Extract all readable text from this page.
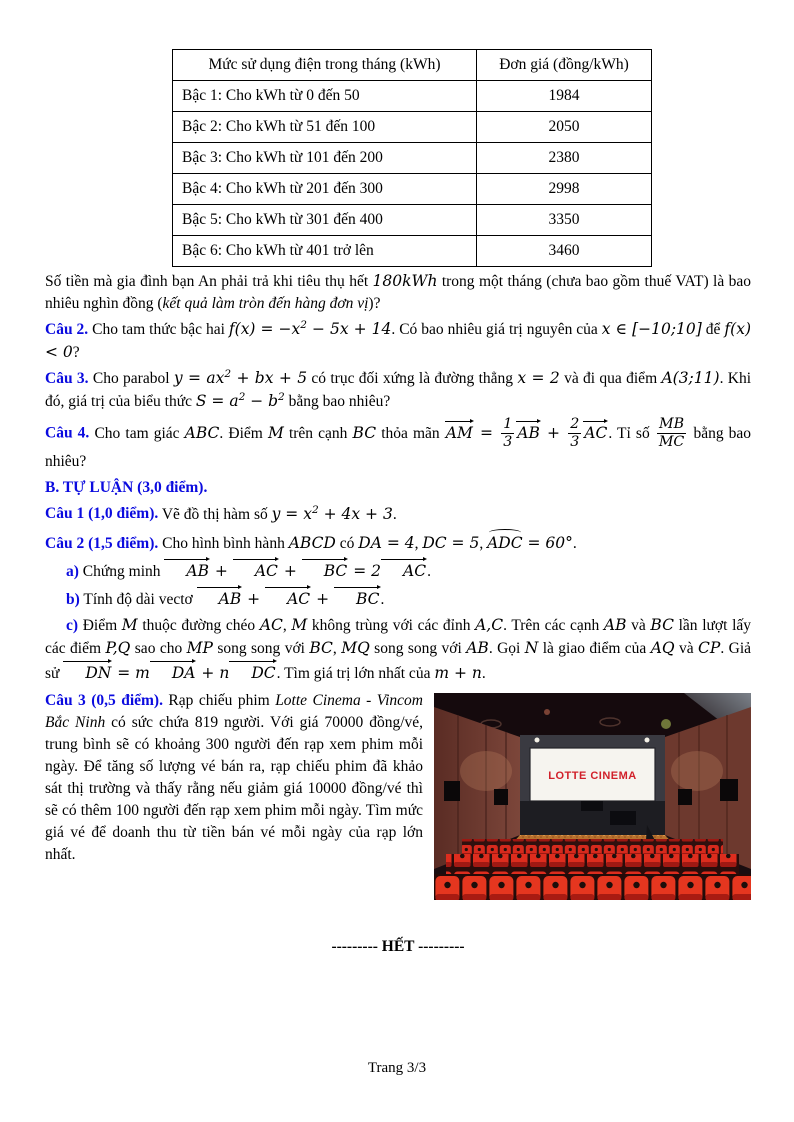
Mức sử dụng điện trong tháng (kWh)	Đơn giá (đồng/kWh)
Bậc 1: Cho kWh từ 0 đến 50	1984
Bậc 2: Cho kWh từ 51 đến 100	2050
Bậc 3: Cho kWh từ 101 đến 200	2380
Bậc 4: Cho kWh từ 201 đến 300	2998
Bậc 5: Cho kWh từ 301 đến 400	3350
Bậc 6: Cho kWh từ 401 trở lên	3460

Số tiền mà gia đình bạn An phải trả khi tiêu thụ hết 180kWh trong một tháng (chưa bao gồm thuế VAT) là bao nhiêu nghìn đồng (kết quả làm tròn đến hàng đơn vị)?

Câu 2. Cho tam thức bậc hai $f(x) = -x^2 - 5x + 14$. Có bao nhiêu giá trị nguyên của x ∈ [−10;10] để f(x) < 0?

Câu 3. Cho parabol $y = ax^2$ + bx + 5 có trục đối xứng là đường thẳng x = 2 và đi qua điểm A(3;11). Khi đó, giá trị của biểu thức $S = a^2 - b^2$ bằng bao nhiêu?

Câu 4. Cho tam giác ABC. Điểm M trên cạnh BC thỏa mãn AM = $\frac{1}{3}$ AB + $\frac{2}{3}$ AC. Tỉ số $\frac{MB}{MC}$ bằng bao nhiêu?

B. TỰ LUẬN (3,0 điểm).

Câu 1 (1,0 điểm). Vẽ đồ thị hàm số $y = x^2 + 4x + 3$.

Câu 2 (1,5 điểm). Cho hình bình hành ABCD có DA = 4, DC = 5, ADC = 60°.

a) Chứng minh AB + AC + BC = 2 AC.

b) Tính độ dài vectơ AB + AC + BC.

c) Điểm M thuộc đường chéo AC, M không trùng với các đỉnh A,C. Trên các cạnh AB và BC lần lượt lấy các điểm P,Q sao cho MP song song với BC, MQ song song với AB. Gọi N là giao điểm của AQ và CP. Giả sử DN = m DA + n DC. Tìm giá trị lớn nhất của m + n.

LOTTE CINEMA

Câu 3 (0,5 điểm). Rạp chiếu phim Lotte Cinema - Vincom Bắc Ninh có sức chứa 819 người. Với giá 70000 đồng/vé, trung bình sẽ có khoảng 300 người đến rạp xem phim mỗi ngày. Để tăng số lượng vé bán ra, rạp chiếu phim đã khảo sát thị trường và thấy rằng nếu giảm giá 10000 đồng/vé thì sẽ có thêm 100 người đến rạp xem phim mỗi ngày. Tìm mức giá vé để doanh thu từ tiền bán vé mỗi ngày của rạp lớn nhất.

--------- HẾT ---------

Trang 3/3
